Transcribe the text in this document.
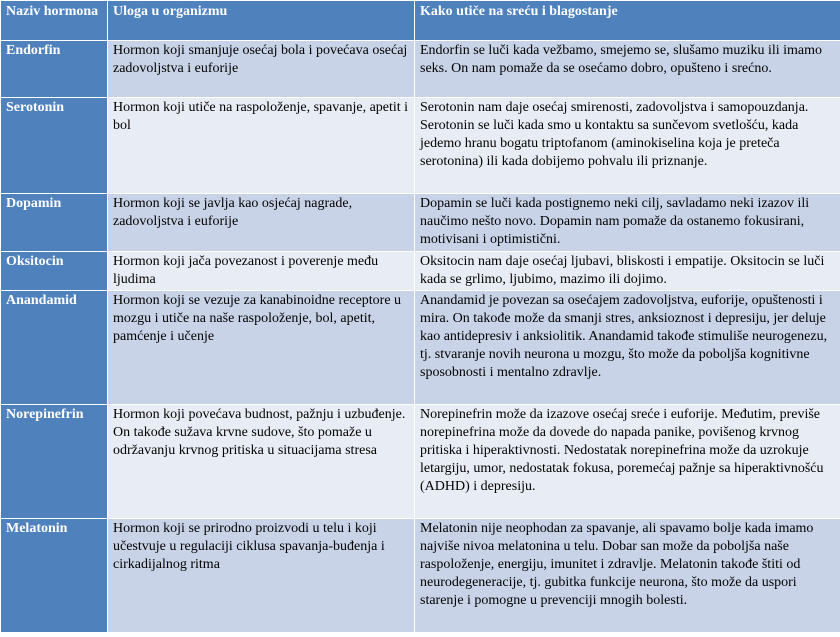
Naziv hormona	Uloga u organizmu	Kako utiče na sreću i blagostanje
Endorfin	Hormon koji smanjuje osećaj bola i povećava osećaj zadovoljstva i euforije	Endorfin se luči kada vežbamo, smejemo se, slušamo muziku ili imamo seks. On nam pomaže da se osećamo dobro, opušteno i srećno.
Serotonin	Hormon koji utiče na raspoloženje, spavanje, apetit i bol	Serotonin nam daje osećaj smirenosti, zadovoljstva i samopouzdanja. Serotonin se luči kada smo u kontaktu sa sunčevom svetlošću, kada jedemo hranu bogatu triptofanom (aminokiselina koja je preteča serotonina) ili kada dobijemo pohvalu ili priznanje.
Dopamin	Hormon koji se javlja kao osjećaj nagrade, zadovoljstva i euforije	Dopamin se luči kada postignemo neki cilj, savladamo neki izazov ili naučimo nešto novo. Dopamin nam pomaže da ostanemo fokusirani, motivisani i optimistični.
Oksitocin	Hormon koji jača povezanost i poverenje među ljudima	Oksitocin nam daje osećaj ljubavi, bliskosti i empatije. Oksitocin se luči kada se grlimo, ljubimo, mazimo ili dojimo.
Anandamid	Hormon koji se vezuje za kanabinoidne receptore u mozgu i utiče na naše raspoloženje, bol, apetit, pamćenje i učenje	Anandamid je povezan sa osećajem zadovoljstva, euforije, opuštenosti i mira. On takođe može da smanji stres, anksioznost i depresiju, jer deluje kao antidepresiv i anksiolitik. Anandamid takođe stimuliše neurogenezu, tj. stvaranje novih neurona u mozgu, što može da poboljša kognitivne sposobnosti i mentalno zdravlje.
Norepinefrin	Hormon koji povećava budnost, pažnju i uzbuđenje. On takođe sužava krvne sudove, što pomaže u održavanju krvnog pritiska u situacijama stresa	Norepinefrin može da izazove osećaj sreće i euforije. Međutim, previše norepinefrina može da dovede do napada panike, povišenog krvnog pritiska i hiperaktivnosti. Nedostatak norepinefrina može da uzrokuje letargiju, umor, nedostatak fokusa, poremećaj pažnje sa hiperaktivnošću (ADHD) i depresiju.
Melatonin	Hormon koji se prirodno proizvodi u telu i koji učestvuje u regulaciji ciklusa spavanja-buđenja i cirkadijalnog ritma	Melatonin nije neophodan za spavanje, ali spavamo bolje kada imamo najviše nivoa melatonina u telu. Dobar san može da poboljša naše raspoloženje, energiju, imunitet i zdravlje. Melatonin takođe štiti od neurodegeneracije, tj. gubitka funkcije neurona, što može da uspori starenje i pomogne u prevenciji mnogih bolesti.
